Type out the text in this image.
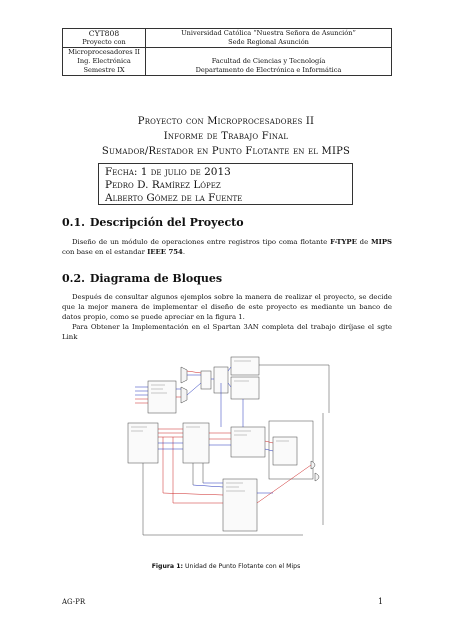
CYT808
Proyecto con	Universidad Católica “Nuestra Señora de Asunción”
Sede Regional Asunción

Microprocesadores II
Ing. Electrónica
Semestre IX	Facultad de Ciencias y Tecnología
Departamento de Electrónica e Informática
Proyecto con Microprocesadores II
Informe de Trabajo Final
Sumador/Restador en Punto Flotante en el MIPS
Fecha: 1 de julio de 2013
Pedro D. Ramírez López
Alberto Gómez de la Fuente
0.1. Descripción del Proyecto
Diseño de un módulo de operaciones entre registros tipo coma flotante F-TYPE de MIPS con base en el estandar IEEE 754.
0.2. Diagrama de Bloques
Después de consultar algunos ejemplos sobre la manera de realizar el proyecto, se decide que la mejor manera de implementar el diseño de este proyecto es mediante un banco de datos propio, como se puede apreciar en la figura 1.
Para Obtener la Implementación en el Spartan 3AN completa del trabajo diríjase el sgte Link
Figura 1: Unidad de Punto Flotante con el Mips
AG-PR	1
